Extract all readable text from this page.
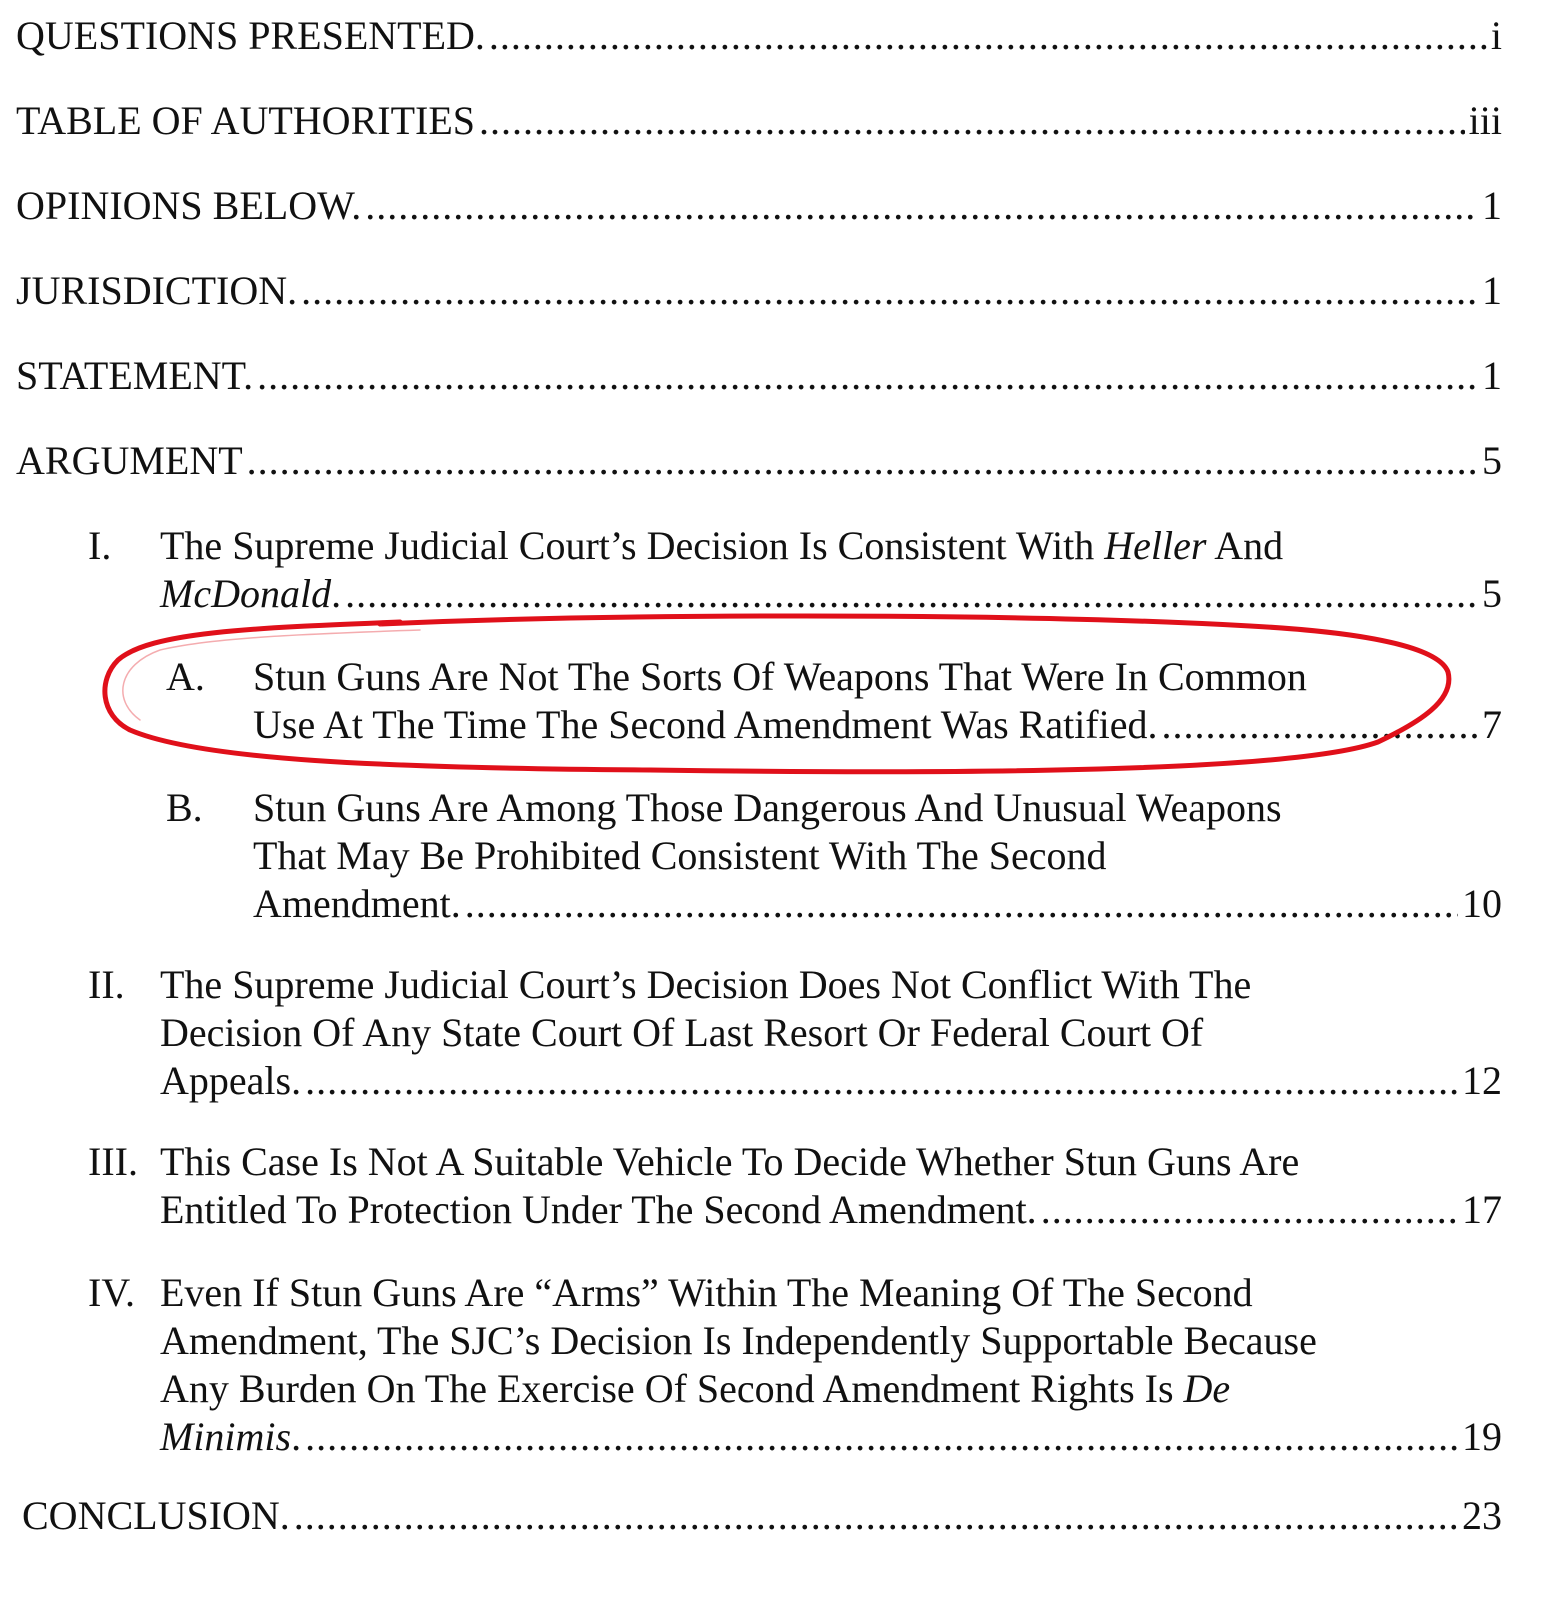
QUESTIONS PRESENTED. .....	i
TABLE OF AUTHORITIES .....	iii
OPINIONS BELOW. .....	1
JURISDICTION. .....	1
STATEMENT. .....	1
ARGUMENT .....	5
I. The Supreme Judicial Court’s Decision Is Consistent With Heller And
McDonald. .....	5
A. Stun Guns Are Not The Sorts Of Weapons That Were In Common
Use At The Time The Second Amendment Was Ratified. .....	7
B. Stun Guns Are Among Those Dangerous And Unusual Weapons
That May Be Prohibited Consistent With The Second
Amendment. .....	10
II. The Supreme Judicial Court’s Decision Does Not Conflict With The
Decision Of Any State Court Of Last Resort Or Federal Court Of
Appeals. .....	12
III. This Case Is Not A Suitable Vehicle To Decide Whether Stun Guns Are
Entitled To Protection Under The Second Amendment. .....	17
IV. Even If Stun Guns Are “Arms” Within The Meaning Of The Second
Amendment, The SJC’s Decision Is Independently Supportable Because
Any Burden On The Exercise Of Second Amendment Rights Is De
Minimis. .....	19
CONCLUSION. .....	23
